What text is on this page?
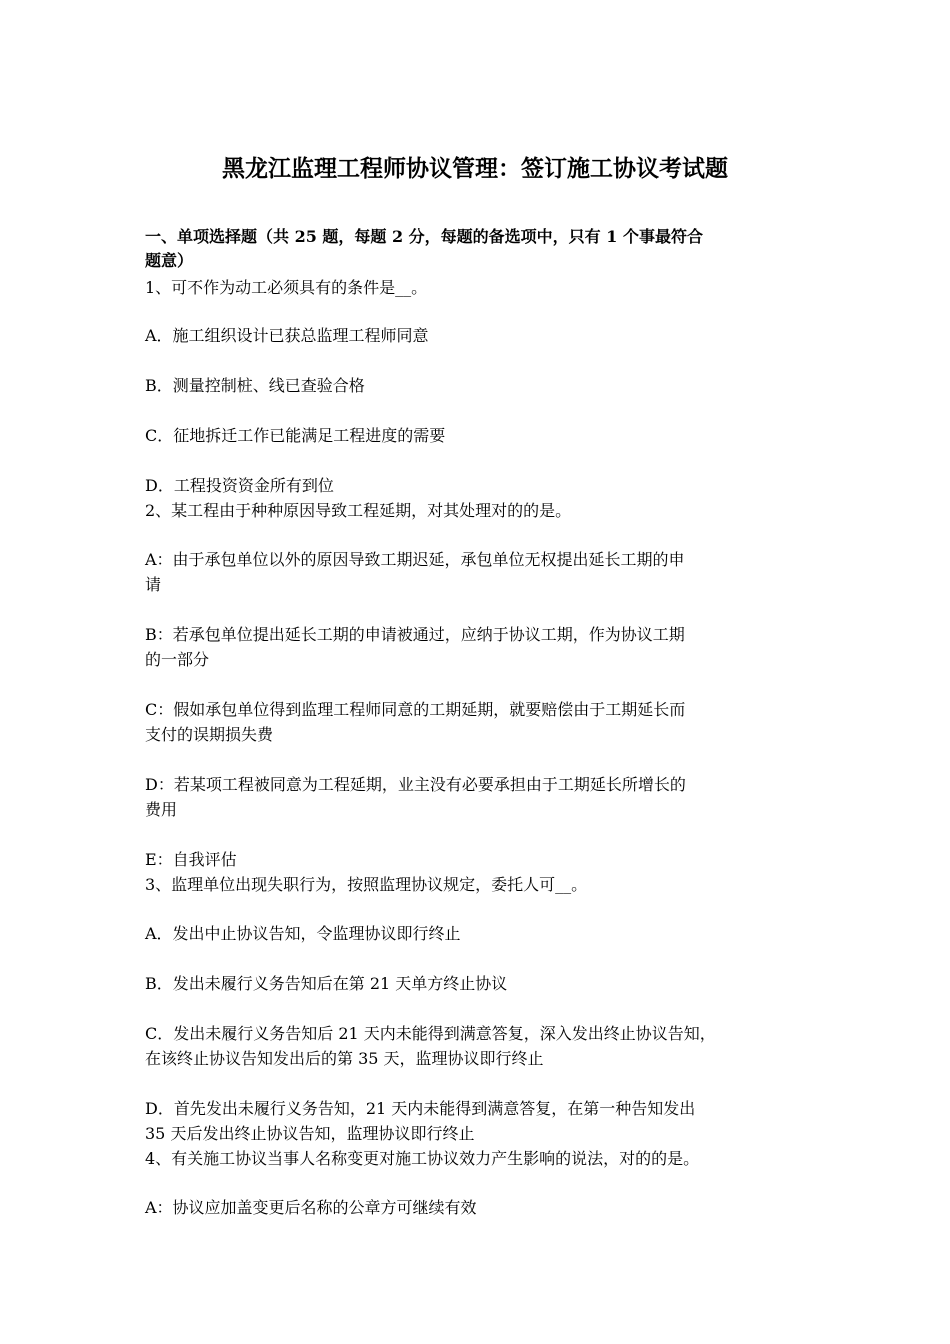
黑龙江监理工程师协议管理：签订施工协议考试题
一、单项选择题（共 25 题，每题 2 分，每题的备选项中，只有 1 个事最符合
题意）
1、可不作为动工必须具有的条件是__。
A．施工组织设计已获总监理工程师同意
B．测量控制桩、线已查验合格
C．征地拆迁工作已能满足工程进度的需要
D．工程投资资金所有到位
2、某工程由于种种原因导致工程延期，对其处理对的的是。
A：由于承包单位以外的原因导致工期迟延，承包单位无权提出延长工期的申
请
B：若承包单位提出延长工期的申请被通过，应纳于协议工期，作为协议工期
的一部分
C：假如承包单位得到监理工程师同意的工期延期，就要赔偿由于工期延长而
支付的误期损失费
D：若某项工程被同意为工程延期，业主没有必要承担由于工期延长所增长的
费用
E：自我评估
3、监理单位出现失职行为，按照监理协议规定，委托人可__。
A．发出中止协议告知，令监理协议即行终止
B．发出未履行义务告知后在第 21 天单方终止协议
C．发出未履行义务告知后 21 天内未能得到满意答复，深入发出终止协议告知，
在该终止协议告知发出后的第 35 天，监理协议即行终止
D．首先发出未履行义务告知，21 天内未能得到满意答复，在第一种告知发出
35 天后发出终止协议告知，监理协议即行终止
4、有关施工协议当事人名称变更对施工协议效力产生影响的说法，对的的是。
A：协议应加盖变更后名称的公章方可继续有效
